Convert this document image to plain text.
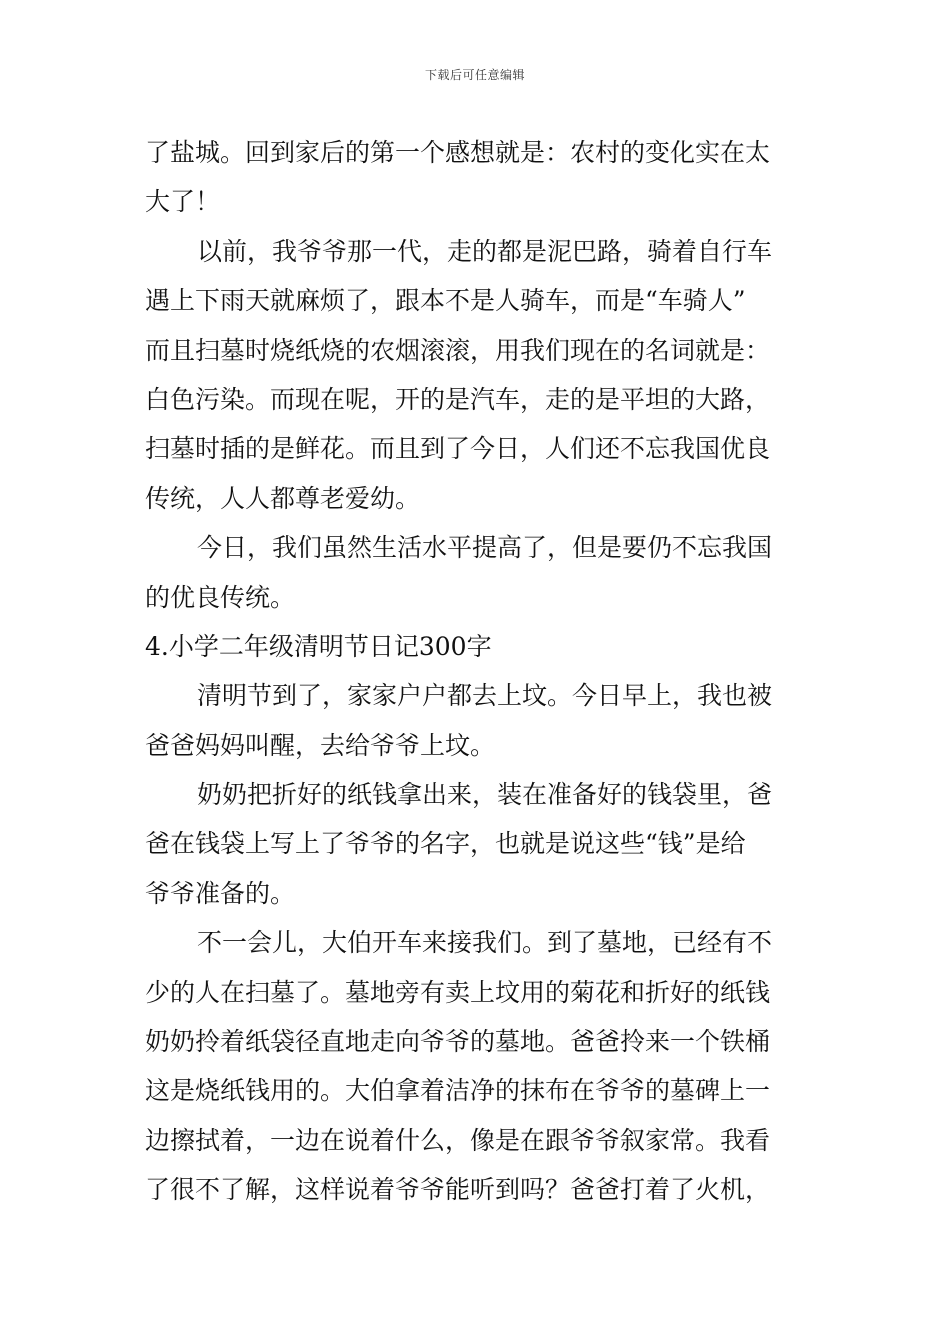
下载后可任意编辑
了盐城。回到家后的第一个感想就是：农村的变化实在太
大了！
以前，我爷爷那一代，走的都是泥巴路，骑着自行车
遇上下雨天就麻烦了，跟本不是人骑车，而是“车骑人”
而且扫墓时烧纸烧的农烟滚滚，用我们现在的名词就是：
白色污染。而现在呢，开的是汽车，走的是平坦的大路，
扫墓时插的是鲜花。而且到了今日，人们还不忘我国优良
传统，人人都尊老爱幼。
今日，我们虽然生活水平提高了，但是要仍不忘我国
的优良传统。
4.小学二年级清明节日记300字
清明节到了，家家户户都去上坟。今日早上，我也被
爸爸妈妈叫醒，去给爷爷上坟。
奶奶把折好的纸钱拿出来，装在准备好的钱袋里，爸
爸在钱袋上写上了爷爷的名字，也就是说这些“钱”是给
爷爷准备的。
不一会儿，大伯开车来接我们。到了墓地，已经有不
少的人在扫墓了。墓地旁有卖上坟用的菊花和折好的纸钱
奶奶拎着纸袋径直地走向爷爷的墓地。爸爸拎来一个铁桶
这是烧纸钱用的。大伯拿着洁净的抹布在爷爷的墓碑上一
边擦拭着，一边在说着什么，像是在跟爷爷叙家常。我看
了很不了解，这样说着爷爷能听到吗？爸爸打着了火机，
